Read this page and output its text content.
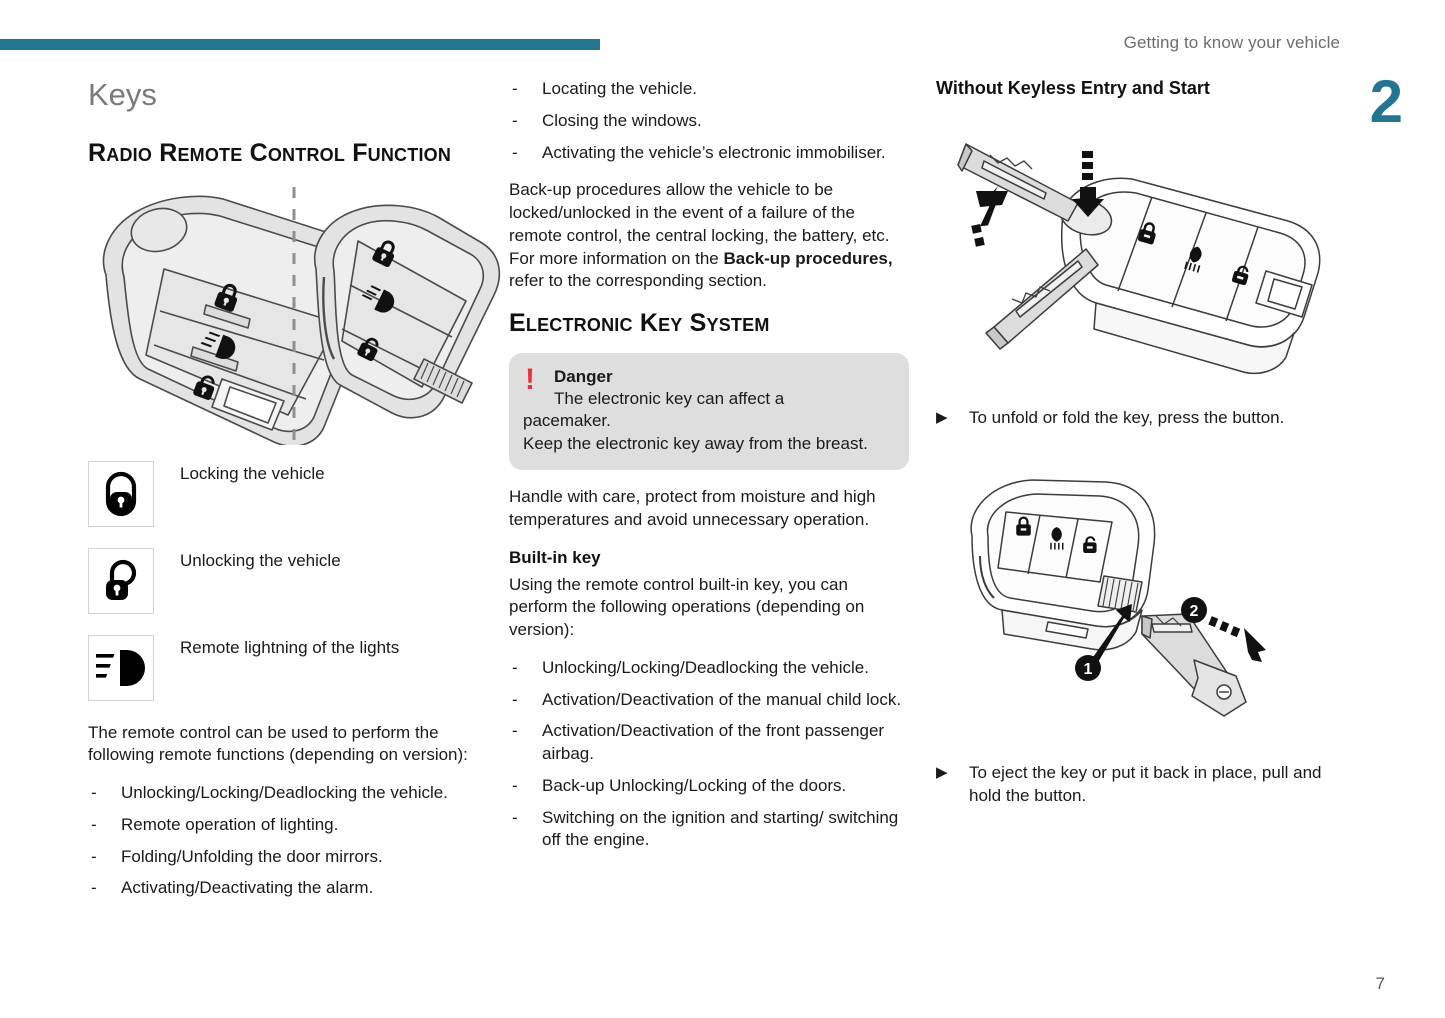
Getting to know your vehicle
2
7
Keys
Radio Remote Control Function
Locking the vehicle
Unlocking the vehicle
Remote lightning of the lights

The remote control can be used to perform the following remote functions (depending on version):

- Unlocking/Locking/Deadlocking the vehicle.
- Remote operation of lighting.
- Folding/Unfolding the door mirrors.
- Activating/Deactivating the alarm.
- Locating the vehicle.
- Closing the windows.
- Activating the vehicle’s electronic immobiliser.

Back-up procedures allow the vehicle to be locked/unlocked in the event of a failure of the remote control, the central locking, the battery, etc. For more information on the Back-up procedures, refer to the corresponding section.

Electronic Key System
! Danger
The electronic key can affect a
pacemaker.
Keep the electronic key away from the breast.

Handle with care, protect from moisture and high temperatures and avoid unnecessary operation.

Built-in key

Using the remote control built-in key, you can perform the following operations (depending on version):

- Unlocking/Locking/Deadlocking the vehicle.
- Activation/Deactivation of the manual child lock.
- Activation/Deactivation of the front passenger airbag.
- Back-up Unlocking/Locking of the doors.
- Switching on the ignition and starting/ switching off the engine.
Without Keyless Entry and Start

▶ To unfold or fold the key, press the button.

1
2

▶ To eject the key or put it back in place, pull and hold the button.
